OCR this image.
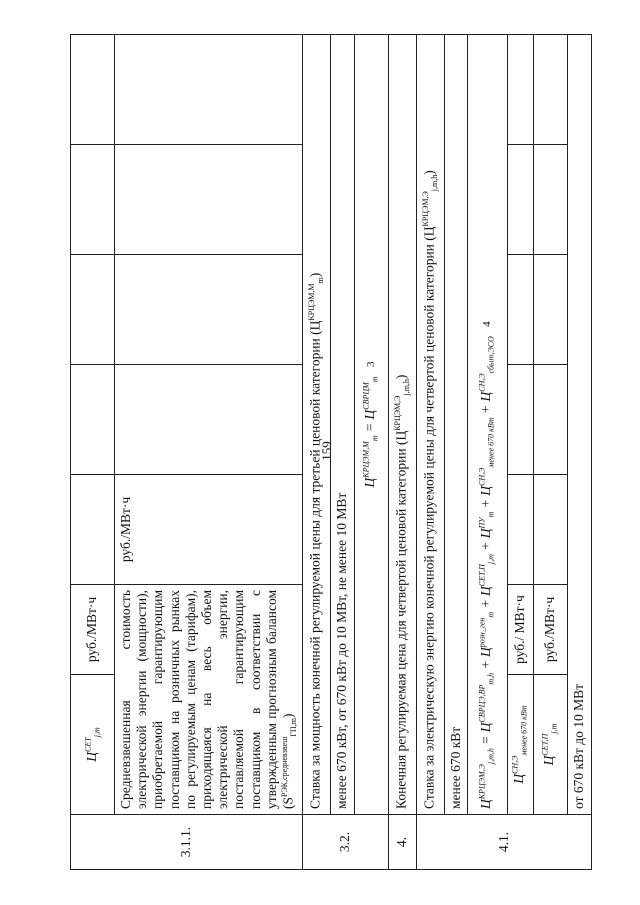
159
3.1.1.	$Ц^{СЕТ}_{j,m}$	руб./МВт·ч						
	Средневзвешенная стоимость электрической энергии (мощности), приобретаемой гарантирующим поставщиком на розничных рынках по регулируемым ценам (тарифам), приходящаяся на весь объем электрической энергии, поставляемой гарантирующим поставщиком в соответствии с утвержденным прогнозным балансом $(S^{РЭК,средневзвеш}_{ГП,m})$		руб./МВт·ч					
3.2.	Ставка за мощность конечной регулируемой цены для третьей ценовой категории $(Ц^{КРЦЭМ,М}_m)$							
	менее 670 кВт, от 670 кВт до 10 МВт, не менее 10 МВт							
	$Ц^{КРЦЭМ,М}_m = Ц^{СВРЦМ}_m$ 3							
4.	Конечная регулируемая цена для четвертой ценовой категории $(Ц^{КРЦЭМ,Э}_{j,m,h})$							
4.1.	Ставка за электрическую энергию конечной регулируемой цены для четвертой ценовой категории $(Ц^{КРЦЭМ,Э}_{j,m,h})$							
	менее 670 кВт							
	$Ц^{КРЦЭМ,Э}_{j,m,h} = Ц^{СВРЦЭ,ВР}_{m,h} + Ц^{розн\_ген}_m + Ц^{СЕТ,П}_{j,m} + Ц^{ПУ}_m + Ц^{СН,Э}_{менее 670 кВт} + Ц^{СН,Э}_{сбыт,ЭСО}$ 4							
	$Ц^{СН,Э}_{менее 670 кВт}$	руб./ МВт·ч						
	$Ц^{СЕТ,П}_{j,m}$	руб./МВт·ч						
	от 670 кВт до 10 МВт							
